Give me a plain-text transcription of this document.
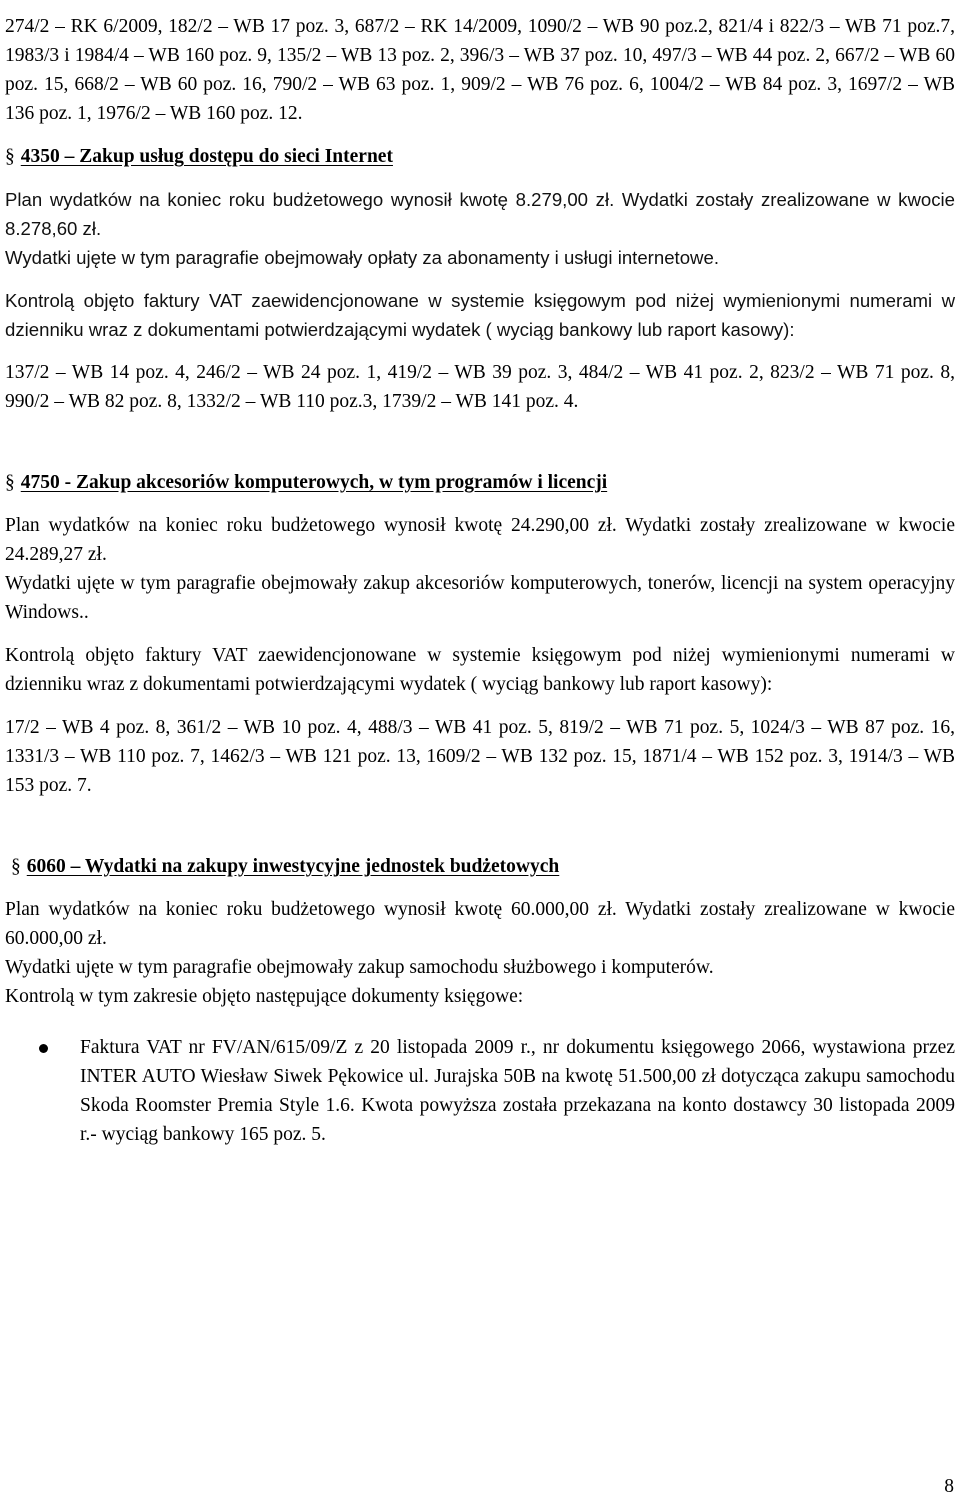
274/2 – RK 6/2009, 182/2 – WB 17 poz. 3, 687/2 – RK 14/2009, 1090/2 – WB 90 poz.2, 821/4 i 822/3 – WB 71 poz.7, 1983/3 i 1984/4 – WB 160 poz. 9, 135/2 – WB 13 poz. 2, 396/3 – WB 37 poz. 10, 497/3 – WB 44 poz. 2, 667/2 – WB 60 poz. 15, 668/2 – WB 60 poz. 16, 790/2 – WB 63 poz. 1, 909/2 – WB 76 poz. 6, 1004/2 – WB 84 poz. 3, 1697/2 – WB 136 poz. 1, 1976/2 – WB 160 poz. 12.

§ 4350 – Zakup usług dostępu do sieci Internet

Plan wydatków na koniec roku budżetowego wynosił kwotę 8.279,00 zł. Wydatki zostały zrealizowane w kwocie 8.278,60 zł.

Wydatki ujęte w tym paragrafie obejmowały opłaty za abonamenty i usługi internetowe.

Kontrolą objęto faktury VAT zaewidencjonowane w systemie księgowym pod niżej wymienionymi numerami w dzienniku wraz z dokumentami potwierdzającymi wydatek ( wyciąg bankowy lub raport kasowy):

137/2 – WB 14 poz. 4, 246/2 – WB 24 poz. 1, 419/2 – WB 39 poz. 3, 484/2 – WB 41 poz. 2, 823/2 – WB 71 poz. 8, 990/2 – WB 82 poz. 8, 1332/2 – WB 110 poz.3, 1739/2 – WB 141 poz. 4.

§ 4750 - Zakup akcesoriów komputerowych, w tym programów i licencji

Plan wydatków na koniec roku budżetowego wynosił kwotę 24.290,00 zł. Wydatki zostały zrealizowane w kwocie 24.289,27 zł.

Wydatki ujęte w tym paragrafie obejmowały zakup akcesoriów komputerowych, tonerów, licencji na system operacyjny Windows..

Kontrolą objęto faktury VAT zaewidencjonowane w systemie księgowym pod niżej wymienionymi numerami w dzienniku wraz z dokumentami potwierdzającymi wydatek ( wyciąg bankowy lub raport kasowy):

17/2 – WB 4 poz. 8, 361/2 – WB 10 poz. 4, 488/3 – WB 41 poz. 5, 819/2 – WB 71 poz. 5, 1024/3 – WB 87 poz. 16, 1331/3 – WB 110 poz. 7, 1462/3 – WB 121 poz. 13, 1609/2 – WB 132 poz. 15, 1871/4 – WB 152 poz. 3, 1914/3 – WB 153 poz. 7.

§ 6060 – Wydatki na zakupy inwestycyjne jednostek budżetowych

Plan wydatków na koniec roku budżetowego wynosił kwotę 60.000,00 zł. Wydatki zostały zrealizowane w kwocie 60.000,00 zł.

Wydatki ujęte w tym paragrafie obejmowały zakup samochodu służbowego i komputerów.

Kontrolą w tym zakresie objęto następujące dokumenty księgowe:

Faktura VAT nr FV/AN/615/09/Z z 20 listopada 2009 r., nr dokumentu księgowego 2066, wystawiona przez INTER AUTO Wiesław Siwek Pękowice ul. Jurajska 50B na kwotę 51.500,00 zł dotycząca zakupu samochodu Skoda Roomster Premia Style 1.6. Kwota powyższa została przekazana na konto dostawcy 30 listopada 2009 r.- wyciąg bankowy 165 poz. 5.

8
